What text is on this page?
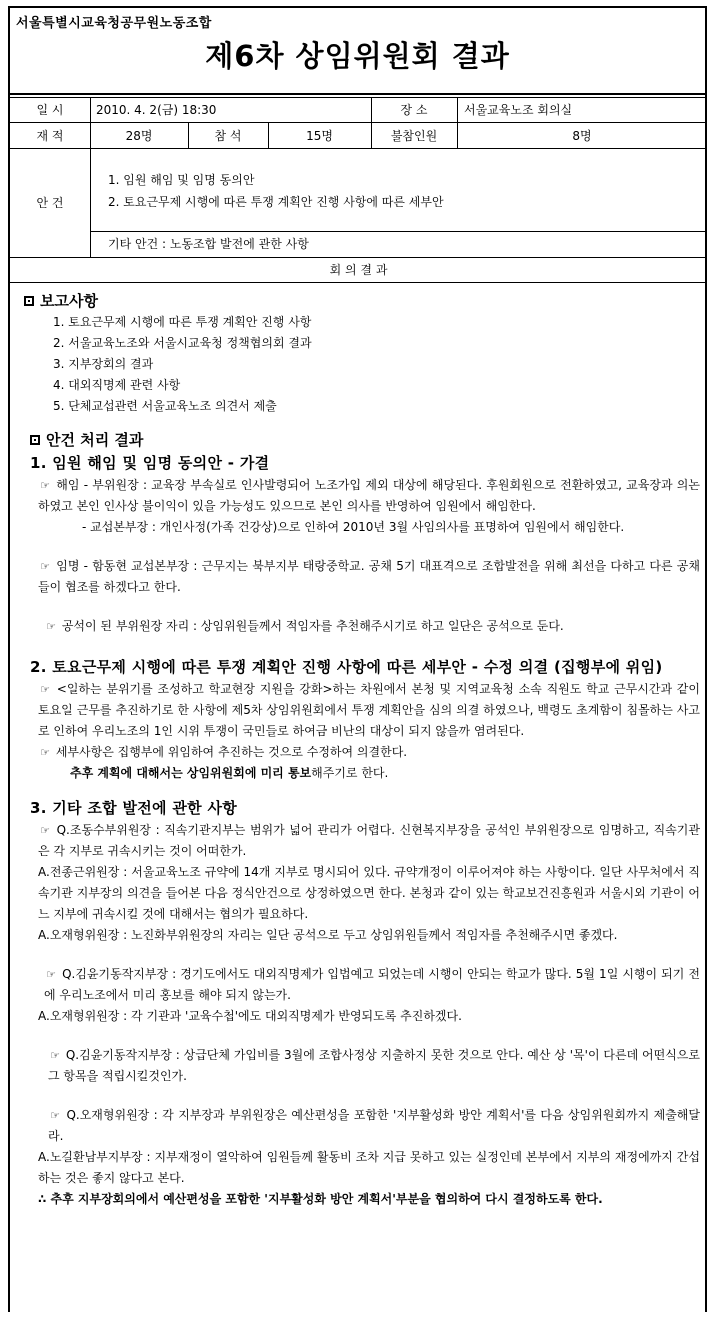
서울특별시교육청공무원노동조합
제6차 상임위원회 결과
일 시	2010. 4. 2(금) 18:30	장 소	서울교육노조 회의실
재 적	28명	참 석	15명	불참인원	8명
안 건
1. 임원 해임 및 임명 동의안
2. 토요근무제 시행에 따른 투쟁 계획안 진행 사항에 따른 세부안
기타 안건 : 노동조합 발전에 관한 사항
회 의 결 과
보고사항
1. 토요근무제 시행에 따른 투쟁 계획안 진행 사항
2. 서울교육노조와 서울시교육청 정책협의회 결과
3. 지부장회의 결과
4. 대외직명제 관련 사항
5. 단체교섭관련 서울교육노조 의견서 제출
안건 처리 결과
1. 임원 해임 및 임명 동의안 - 가결

☞ 해임 - 부위원장 : 교육장 부속실로 인사발령되어 노조가입 제외 대상에 해당된다. 후원회원으로 전환하였고, 교육장과 의논하였고 본인 인사상 불이익이 있을 가능성도 있으므로 본인 의사를 반영하여 임원에서 해임한다.

- 교섭본부장 : 개인사정(가족 건강상)으로 인하여 2010년 3월 사임의사를 표명하여 임원에서 해임한다.

☞ 임명 - 함동현 교섭본부장 : 근무지는 북부지부 태랑중학교. 공채 5기 대표격으로 조합발전을 위해 최선을 다하고 다른 공채들이 협조를 하겠다고 한다.

☞ 공석이 된 부위원장 자리 : 상임위원들께서 적임자를 추천해주시기로 하고 일단은 공석으로 둔다.

2. 토요근무제 시행에 따른 투쟁 계획안 진행 사항에 따른 세부안 - 수정 의결 (집행부에 위임)

☞ <일하는 분위기를 조성하고 학교현장 지원을 강화>하는 차원에서 본청 및 지역교육청 소속 직원도 학교 근무시간과 같이 토요일 근무를 추진하기로 한 사항에 제5차 상임위원회에서 투쟁 계획안을 심의 의결 하였으나, 백령도 초계함이 침몰하는 사고로 인하여 우리노조의 1인 시위 투쟁이 국민들로 하여금 비난의 대상이 되지 않을까 염려된다.

☞ 세부사항은 집행부에 위임하여 추진하는 것으로 수정하여 의결한다.

추후 계획에 대해서는 상임위원회에 미리 통보해주기로 한다.

3. 기타 조합 발전에 관한 사항

☞ Q.조동수부위원장 : 직속기관지부는 범위가 넓어 관리가 어렵다. 신현복지부장을 공석인 부위원장으로 임명하고, 직속기관은 각 지부로 귀속시키는 것이 어떠한가.

A.전종근위원장 : 서울교육노조 규약에 14개 지부로 명시되어 있다. 규약개정이 이루어져야 하는 사항이다. 일단 사무처에서 직속기관 지부장의 의견을 들어본 다음 정식안건으로 상정하였으면 한다. 본청과 같이 있는 학교보건진흥원과 서울시외 기관이 어느 지부에 귀속시킬 것에 대해서는 협의가 필요하다.

A.오재형위원장 : 노진화부위원장의 자리는 일단 공석으로 두고 상임위원들께서 적임자를 추천해주시면 좋겠다.

☞ Q.김윤기동작지부장 : 경기도에서도 대외직명제가 입법예고 되었는데 시행이 안되는 학교가 많다. 5월 1일 시행이 되기 전에 우리노조에서 미리 홍보를 해야 되지 않는가.

A.오재형위원장 : 각 기관과 '교육수첩'에도 대외직명제가 반영되도록 추진하겠다.

☞ Q.김윤기동작지부장 : 상급단체 가입비를 3월에 조합사정상 지출하지 못한 것으로 안다. 예산 상 '목'이 다른데 어떤식으로 그 항목을 적립시킬것인가.

☞ Q.오재형위원장 : 각 지부장과 부위원장은 예산편성을 포함한 '지부활성화 방안 계획서'를 다음 상임위원회까지 제출해달라.

A.노길환남부지부장 : 지부재정이 열악하여 임원들께 활동비 조차 지급 못하고 있는 실정인데 본부에서 지부의 재정에까지 간섭하는 것은 좋지 않다고 본다.

∴ 추후 지부장회의에서 예산편성을 포함한 '지부활성화 방안 계획서'부분을 협의하여 다시 결정하도록 한다.
